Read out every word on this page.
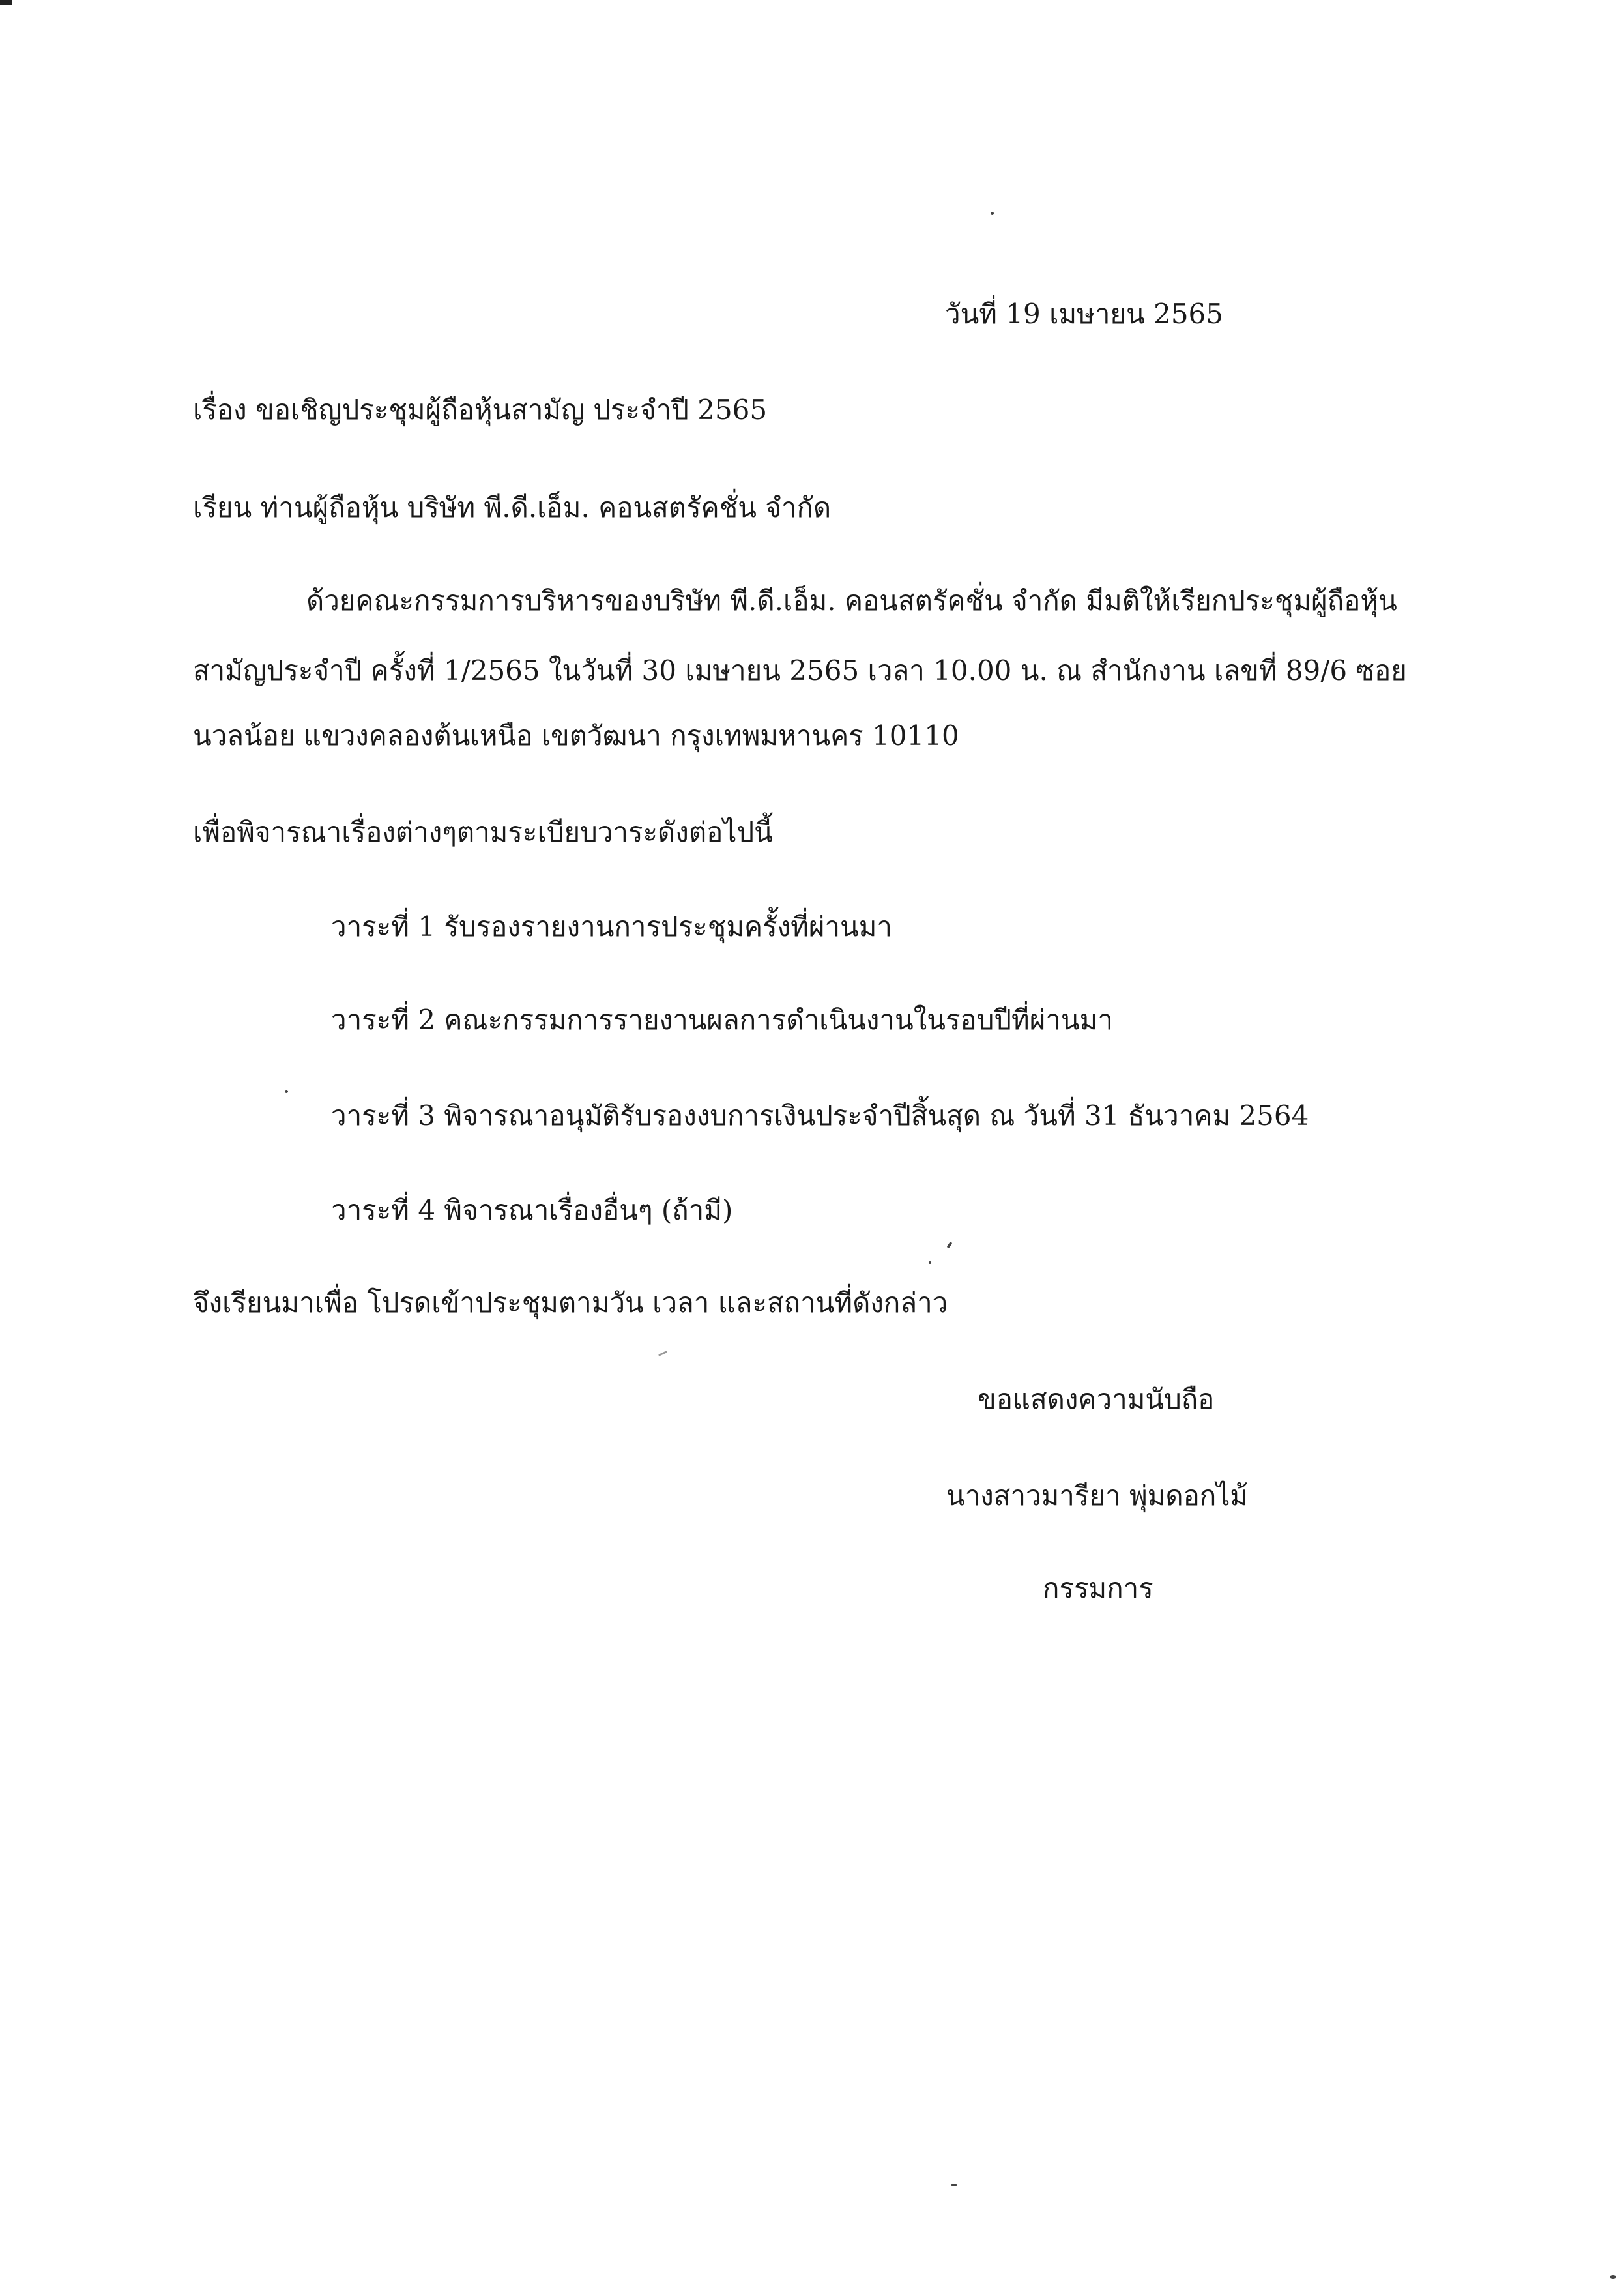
วันที่ 19 เมษายน 2565
เรื่อง ขอเชิญประชุมผู้ถือหุ้นสามัญ ประจำปี 2565
เรียน ท่านผู้ถือหุ้น บริษัท พี.ดี.เอ็ม. คอนสตรัคชั่น จำกัด
ด้วยคณะกรรมการบริหารของบริษัท พี.ดี.เอ็ม. คอนสตรัคชั่น จำกัด มีมติให้เรียกประชุมผู้ถือหุ้น
สามัญประจำปี ครั้งที่ 1/2565 ในวันที่ 30 เมษายน 2565 เวลา 10.00 น. ณ สำนักงาน เลขที่ 89/6 ซอย
นวลน้อย แขวงคลองต้นเหนือ เขตวัฒนา กรุงเทพมหานคร 10110
เพื่อพิจารณาเรื่องต่างๆตามระเบียบวาระดังต่อไปนี้
วาระที่ 1 รับรองรายงานการประชุมครั้งที่ผ่านมา
วาระที่ 2 คณะกรรมการรายงานผลการดำเนินงานในรอบปีที่ผ่านมา
วาระที่ 3 พิจารณาอนุมัติรับรองงบการเงินประจำปีสิ้นสุด ณ วันที่ 31 ธันวาคม 2564
วาระที่ 4 พิจารณาเรื่องอื่นๆ (ถ้ามี)
จึงเรียนมาเพื่อ โปรดเข้าประชุมตามวัน เวลา และสถานที่ดังกล่าว
ขอแสดงความนับถือ
นางสาวมารียา พุ่มดอกไม้
กรรมการ
